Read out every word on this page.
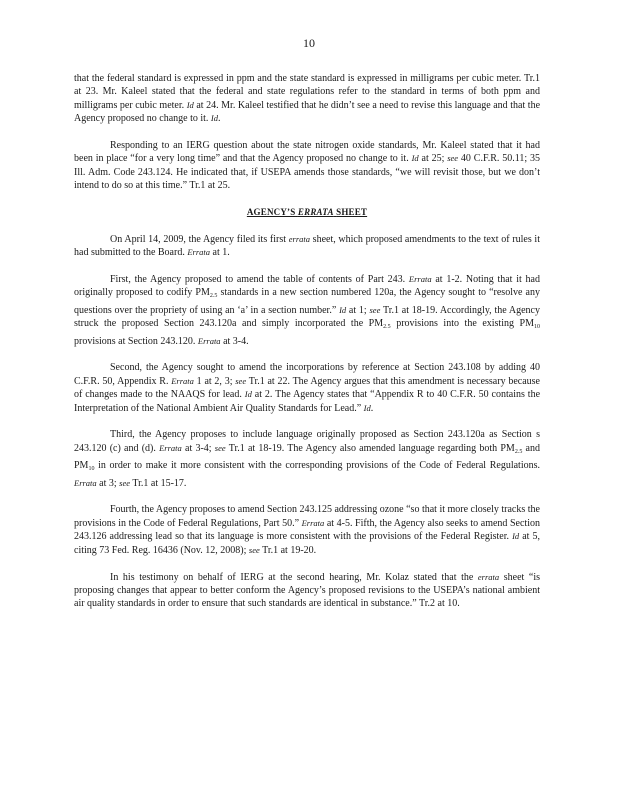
10

that the federal standard is expressed in ppm and the state standard is expressed in milligrams per cubic meter. Tr.1 at 23. Mr. Kaleel stated that the federal and state regulations refer to the standard in terms of both ppm and milligrams per cubic meter. Id at 24. Mr. Kaleel testified that he didn’t see a need to revise this language and that the Agency proposed no change to it. Id.

Responding to an IERG question about the state nitrogen oxide standards, Mr. Kaleel stated that it had been in place “for a very long time” and that the Agency proposed no change to it. Id at 25; see 40 C.F.R. 50.11; 35 Ill. Adm. Code 243.124. He indicated that, if USEPA amends those standards, “we will revisit those, but we don’t intend to do so at this time.” Tr.1 at 25.

AGENCY’S ERRATA SHEET

On April 14, 2009, the Agency filed its first errata sheet, which proposed amendments to the text of rules it had submitted to the Board. Errata at 1.

First, the Agency proposed to amend the table of contents of Part 243. Errata at 1-2. Noting that it had originally proposed to codify $PM_{2.5}$ standards in a new section numbered 120a, the Agency sought to “resolve any questions over the propriety of using an ‘a’ in a section number.” Id at 1; see Tr.1 at 18-19. Accordingly, the Agency struck the proposed Section 243.120a and simply incorporated the $PM_{2.5}$ provisions into the existing $PM_{10}$ provisions at Section 243.120. Errata at 3-4.

Second, the Agency sought to amend the incorporations by reference at Section 243.108 by adding 40 C.F.R. 50, Appendix R. Errata 1 at 2, 3; see Tr.1 at 22. The Agency argues that this amendment is necessary because of changes made to the NAAQS for lead. Id at 2. The Agency states that “Appendix R to 40 C.F.R. 50 contains the Interpretation of the National Ambient Air Quality Standards for Lead.” Id.

Third, the Agency proposes to include language originally proposed as Section 243.120a as Section s 243.120 (c) and (d). Errata at 3-4; see Tr.1 at 18-19. The Agency also amended language regarding both $PM_{2.5}$ and $PM_{10}$ in order to make it more consistent with the corresponding provisions of the Code of Federal Regulations. Errata at 3; see Tr.1 at 15-17.

Fourth, the Agency proposes to amend Section 243.125 addressing ozone “so that it more closely tracks the provisions in the Code of Federal Regulations, Part 50.” Errata at 4-5. Fifth, the Agency also seeks to amend Section 243.126 addressing lead so that its language is more consistent with the provisions of the Federal Register. Id at 5, citing 73 Fed. Reg. 16436 (Nov. 12, 2008); see Tr.1 at 19-20.

In his testimony on behalf of IERG at the second hearing, Mr. Kolaz stated that the errata sheet “is proposing changes that appear to better conform the Agency’s proposed revisions to the USEPA’s national ambient air quality standards in order to ensure that such standards are identical in substance.” Tr.2 at 10.
